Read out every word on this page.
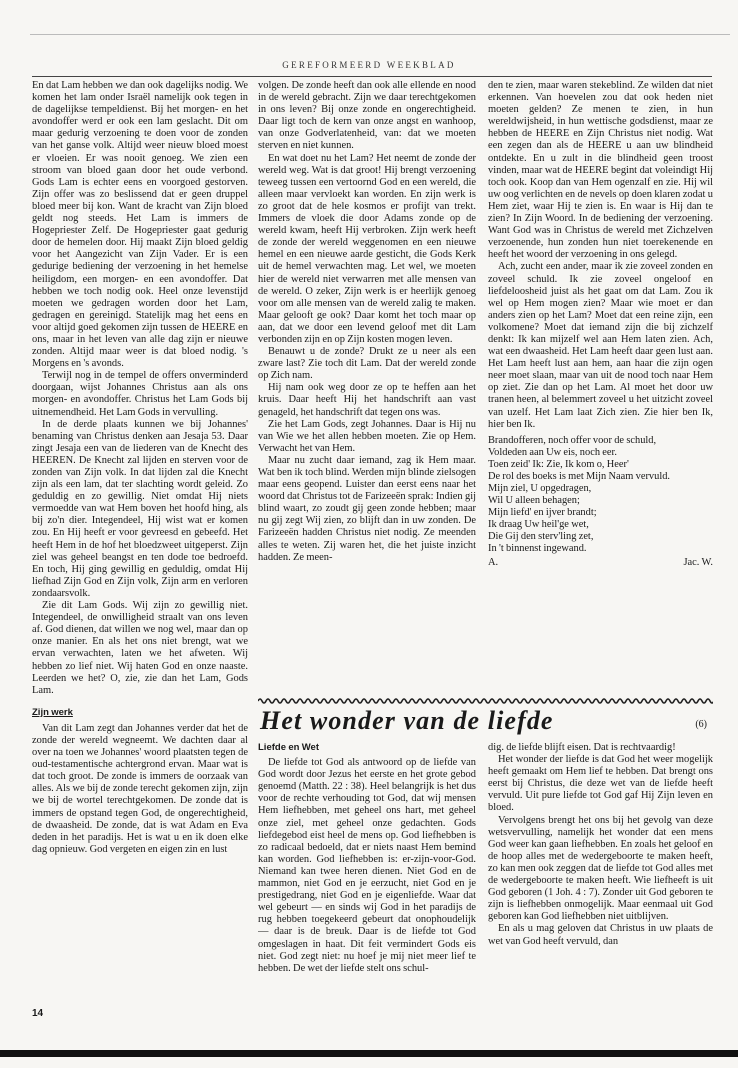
GEREFORMEERD WEEKBLAD

En dat Lam hebben we dan ook dagelijks nodig. We komen het lam onder Israël namelijk ook tegen in de dagelijkse tempeldienst. Bij het morgen- en het avondoffer werd er ook een lam geslacht. Dit om maar gedurig verzoening te doen voor de zonden van het ganse volk. Altijd weer nieuw bloed moest er vloeien. Er was nooit genoeg. We zien een stroom van bloed gaan door het oude verbond. Gods Lam is echter eens en voorgoed gestorven. Zijn offer was zo beslissend dat er geen druppel bloed meer bij kon. Want de kracht van Zijn bloed geldt nog steeds. Het Lam is immers de Hogepriester Zelf. De Hogepriester gaat gedurig door de hemelen door. Hij maakt Zijn bloed geldig voor het Aangezicht van Zijn Vader. Er is een gedurige bediening der verzoening in het hemelse heiligdom, een morgen- en een avondoffer. Dat hebben we toch nodig ook. Heel onze levenstijd moeten we gedragen worden door het Lam, gedragen en gereinigd. Statelijk mag het eens en voor altijd goed gekomen zijn tussen de HEERE en ons, maar in het leven van alle dag zijn er nieuwe zonden. Altijd maar weer is dat bloed nodig. 's Morgens en 's avonds.

Terwijl nog in de tempel de offers onverminderd doorgaan, wijst Johannes Christus aan als ons morgen- en avondoffer. Christus het Lam Gods bij uitnemendheid. Het Lam Gods in vervulling.

In de derde plaats kunnen we bij Johannes' benaming van Christus denken aan Jesaja 53. Daar zingt Jesaja een van de liederen van de Knecht des HEEREN. De Knecht zal lijden en sterven voor de zonden van Zijn volk. In dat lijden zal die Knecht zijn als een lam, dat ter slachting wordt geleid. Zo geduldig en zo gewillig. Niet omdat Hij niets vermoedde van wat Hem boven het hoofd hing, als bij zo'n dier. Integendeel, Hij wist wat er komen zou. En Hij heeft er voor gevreesd en gebeefd. Het heeft Hem in de hof het bloedzweet uitgeperst. Zijn ziel was geheel beangst en ten dode toe bedroefd. En toch, Hij ging gewillig en geduldig, omdat Hij liefhad Zijn God en Zijn volk, Zijn arm en verloren zondaarsvolk.

Zie dit Lam Gods. Wij zijn zo gewillig niet. Integendeel, de onwilligheid straalt van ons leven af. God dienen, dat willen we nog wel, maar dan op onze manier. En als het ons niet brengt, wat we ervan verwachten, laten we het afweten. Wij hebben zo lief niet. Wij haten God en onze naaste. Leerden we het? O, zie, zie dan het Lam, Gods Lam.

Zijn werk

Van dit Lam zegt dan Johannes verder dat het de zonde der wereld wegneemt. We dachten daar al over na toen we Johannes' woord plaatsten tegen de oud-testamentische achtergrond ervan. Maar wat is dat toch groot. De zonde is immers de oorzaak van alles. Als we bij de zonde terecht gekomen zijn, zijn we bij de wortel terechtgekomen. De zonde dat is immers de opstand tegen God, de ongerechtigheid, de dwaasheid. De zonde, dat is wat Adam en Eva deden in het paradijs. Het is wat u en ik doen elke dag opnieuw. God vergeten en eigen zin en lust

volgen. De zonde heeft dan ook alle ellende en nood in de wereld gebracht. Zijn we daar terechtgekomen in ons leven? Bij onze zonde en ongerechtigheid. Daar ligt toch de kern van onze angst en wanhoop, van onze Godverlatenheid, van: dat we moeten sterven en niet kunnen.

En wat doet nu het Lam? Het neemt de zonde der wereld weg. Wat is dat groot! Hij brengt verzoening teweeg tussen een vertoornd God en een wereld, die alleen maar vervloekt kan worden. En zijn werk is zo groot dat de hele kosmos er profijt van trekt. Immers de vloek die door Adams zonde op de wereld kwam, heeft Hij verbroken. Zijn werk heeft de zonde der wereld weggenomen en een nieuwe hemel en een nieuwe aarde gesticht, die Gods Kerk uit de hemel verwachten mag. Let wel, we moeten hier de wereld niet verwarren met alle mensen van de wereld. O zeker, Zijn werk is er heerlijk genoeg voor om alle mensen van de wereld zalig te maken. Maar gelooft ge ook? Daar komt het toch maar op aan, dat we door een levend geloof met dit Lam verbonden zijn en op Zijn kosten mogen leven.

Benauwt u de zonde? Drukt ze u neer als een zware last? Zie toch dit Lam. Dat der wereld zonde op Zich nam.

Hij nam ook weg door ze op te heffen aan het kruis. Daar heeft Hij het handschrift aan vast genageld, het handschrift dat tegen ons was.

Zie het Lam Gods, zegt Johannes. Daar is Hij nu van Wie we het allen hebben moeten. Zie op Hem. Verwacht het van Hem.

Maar nu zucht daar iemand, zag ik Hem maar. Wat ben ik toch blind. Werden mijn blinde zielsogen maar eens geopend. Luister dan eerst eens naar het woord dat Christus tot de Farizeeën sprak: Indien gij blind waart, zo zoudt gij geen zonde hebben; maar nu gij zegt Wij zien, zo blijft dan in uw zonden. De Farizeeën hadden Christus niet nodig. Ze meenden alles te weten. Zij waren het, die het juiste inzicht hadden. Ze meen-

den te zien, maar waren stekeblind. Ze wilden dat niet erkennen. Van hoevelen zou dat ook heden niet moeten gelden? Ze menen te zien, in hun wereldwijsheid, in hun wettische godsdienst, maar ze hebben de HEERE en Zijn Christus niet nodig. Wat een zegen dan als de HEERE u aan uw blindheid ontdekte. En u zult in die blindheid geen troost vinden, maar wat de HEERE begint dat voleindigt Hij toch ook. Koop dan van Hem ogenzalf en zie. Hij wil uw oog verlichten en de nevels op doen klaren zodat u Hem ziet, waar Hij te zien is. En waar is Hij dan te zien? In Zijn Woord. In de bediening der verzoening. Want God was in Christus de wereld met Zichzelven verzoenende, hun zonden hun niet toerekenende en heeft het woord der verzoening in ons gelegd.

Ach, zucht een ander, maar ik zie zoveel zonden en zoveel schuld. Ik zie zoveel ongeloof en liefdeloosheid juist als het gaat om dat Lam. Zou ik wel op Hem mogen zien? Maar wie moet er dan anders zien op het Lam? Moet dat een reine zijn, een volkomene? Moet dat iemand zijn die bij zichzelf denkt: Ik kan mijzelf wel aan Hem laten zien. Ach, wat een dwaasheid. Het Lam heeft daar geen lust aan. Het Lam heeft lust aan hem, aan haar die zijn ogen neer moet slaan, maar van uit de nood toch naar Hem op ziet. Zie dan op het Lam. Al moet het door uw tranen heen, al belemmert zoveel u het uitzicht zoveel van uzelf. Het Lam laat Zich zien. Zie hier ben Ik, hier ben Ik.

Brandofferen, noch offer voor de schuld,
Voldeden aan Uw eis, noch eer.
Toen zeid' Ik: Zie, Ik kom o, Heer'
De rol des boeks is met Mijn Naam vervuld.
Mijn ziel, U opgedragen,
Wil U alleen behagen;
Mijn liefd' en ijver brandt;
Ik draag Uw heil'ge wet,
Die Gij den sterv'ling zet,
In 't binnenst ingewand.
A.	Jac. W.
Het wonder van de liefde	(6)
Liefde en Wet

De liefde tot God als antwoord op de liefde van God wordt door Jezus het eerste en het grote gebod genoemd (Matth. 22 : 38). Heel belangrijk is het dus voor de rechte verhouding tot God, dat wij mensen Hem liefhebben, met geheel ons hart, met geheel onze ziel, met geheel onze gedachten. Gods liefdegebod eist heel de mens op. God liefhebben is zo radicaal bedoeld, dat er niets naast Hem bemind kan worden. God liefhebben is: er-zijn-voor-God. Niemand kan twee heren dienen. Niet God en de mammon, niet God en je eerzucht, niet God en je prestigedrang, niet God en je eigenliefde. Waar dat wel gebeurt — en sinds wij God in het paradijs de rug hebben toegekeerd gebeurt dat onophoudelijk — daar is de breuk. Daar is de liefde tot God omgeslagen in haat. Dit feit vermindert Gods eis niet. God zegt niet: nu hoef je mij niet meer lief te hebben. De wet der liefde stelt ons schul-

dig. de liefde blijft eisen. Dat is rechtvaardig!

Het wonder der liefde is dat God het weer mogelijk heeft gemaakt om Hem lief te hebben. Dat brengt ons eerst bij Christus, die deze wet van de liefde heeft vervuld. Uit pure liefde tot God gaf Hij Zijn leven en bloed.

Vervolgens brengt het ons bij het gevolg van deze wetsvervulling, namelijk het wonder dat een mens God weer kan gaan liefhebben. En zoals het geloof en de hoop alles met de wedergeboorte te maken heeft, zo kan men ook zeggen dat de liefde tot God alles met de wedergeboorte te maken heeft. Wie liefheeft is uit God geboren (1 Joh. 4 : 7). Zonder uit God geboren te zijn is liefhebben onmogelijk. Maar eenmaal uit God geboren kan God liefhebben niet uitblijven.

En als u mag geloven dat Christus in uw plaats de wet van God heeft vervuld, dan

14
